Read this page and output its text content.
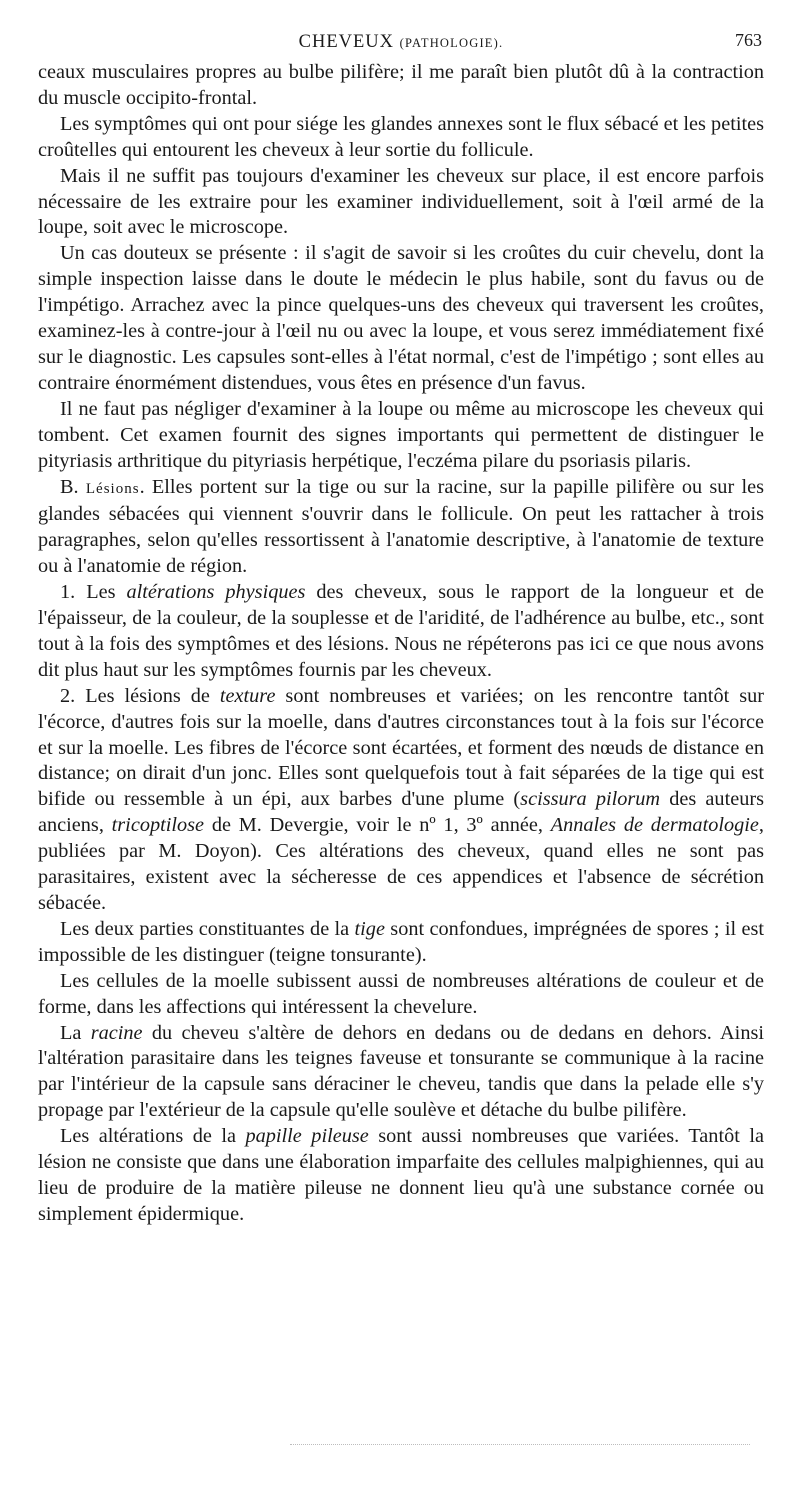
CHEVEUX (PATHOLOGIE).	763

ceaux musculaires propres au bulbe pilifère; il me paraît bien plutôt dû à la contraction du muscle occipito-frontal.

Les symptômes qui ont pour siége les glandes annexes sont le flux sébacé et les petites croûtelles qui entourent les cheveux à leur sortie du follicule.

Mais il ne suffit pas toujours d'examiner les cheveux sur place, il est encore parfois nécessaire de les extraire pour les examiner individuellement, soit à l'œil armé de la loupe, soit avec le microscope.

Un cas douteux se présente : il s'agit de savoir si les croûtes du cuir chevelu, dont la simple inspection laisse dans le doute le médecin le plus habile, sont du favus ou de l'impétigo. Arrachez avec la pince quelques-uns des cheveux qui traversent les croûtes, examinez-les à contre-jour à l'œil nu ou avec la loupe, et vous serez immédiatement fixé sur le diagnostic. Les capsules sont-elles à l'état normal, c'est de l'impétigo ; sont elles au contraire énormément distendues, vous êtes en présence d'un favus.

Il ne faut pas négliger d'examiner à la loupe ou même au microscope les cheveux qui tombent. Cet examen fournit des signes importants qui permettent de distinguer le pityriasis arthritique du pityriasis herpétique, l'eczéma pilare du psoriasis pilaris.

B. Lésions. Elles portent sur la tige ou sur la racine, sur la papille pilifère ou sur les glandes sébacées qui viennent s'ouvrir dans le follicule. On peut les rattacher à trois paragraphes, selon qu'elles ressortissent à l'anatomie descriptive, à l'anatomie de texture ou à l'anatomie de région.

1. Les altérations physiques des cheveux, sous le rapport de la longueur et de l'épaisseur, de la couleur, de la souplesse et de l'aridité, de l'adhérence au bulbe, etc., sont tout à la fois des symptômes et des lésions. Nous ne répéterons pas ici ce que nous avons dit plus haut sur les symptômes fournis par les cheveux.

2. Les lésions de texture sont nombreuses et variées; on les rencontre tantôt sur l'écorce, d'autres fois sur la moelle, dans d'autres circonstances tout à la fois sur l'écorce et sur la moelle. Les fibres de l'écorce sont écartées, et forment des nœuds de distance en distance; on dirait d'un jonc. Elles sont quelquefois tout à fait séparées de la tige qui est bifide ou ressemble à un épi, aux barbes d'une plume (scissura pilorum des auteurs anciens, tricoptilose de M. Devergie, voir le nº 1, 3º année, Annales de dermatologie, publiées par M. Doyon). Ces altérations des cheveux, quand elles ne sont pas parasitaires, existent avec la sécheresse de ces appendices et l'absence de sécrétion sébacée.

Les deux parties constituantes de la tige sont confondues, imprégnées de spores ; il est impossible de les distinguer (teigne tonsurante).

Les cellules de la moelle subissent aussi de nombreuses altérations de couleur et de forme, dans les affections qui intéressent la chevelure.

La racine du cheveu s'altère de dehors en dedans ou de dedans en dehors. Ainsi l'altération parasitaire dans les teignes faveuse et tonsurante se communique à la racine par l'intérieur de la capsule sans déraciner le cheveu, tandis que dans la pelade elle s'y propage par l'extérieur de la capsule qu'elle soulève et détache du bulbe pilifère.

Les altérations de la papille pileuse sont aussi nombreuses que variées. Tantôt la lésion ne consiste que dans une élaboration imparfaite des cellules malpighiennes, qui au lieu de produire de la matière pileuse ne donnent lieu qu'à une substance cornée ou simplement épidermique.
